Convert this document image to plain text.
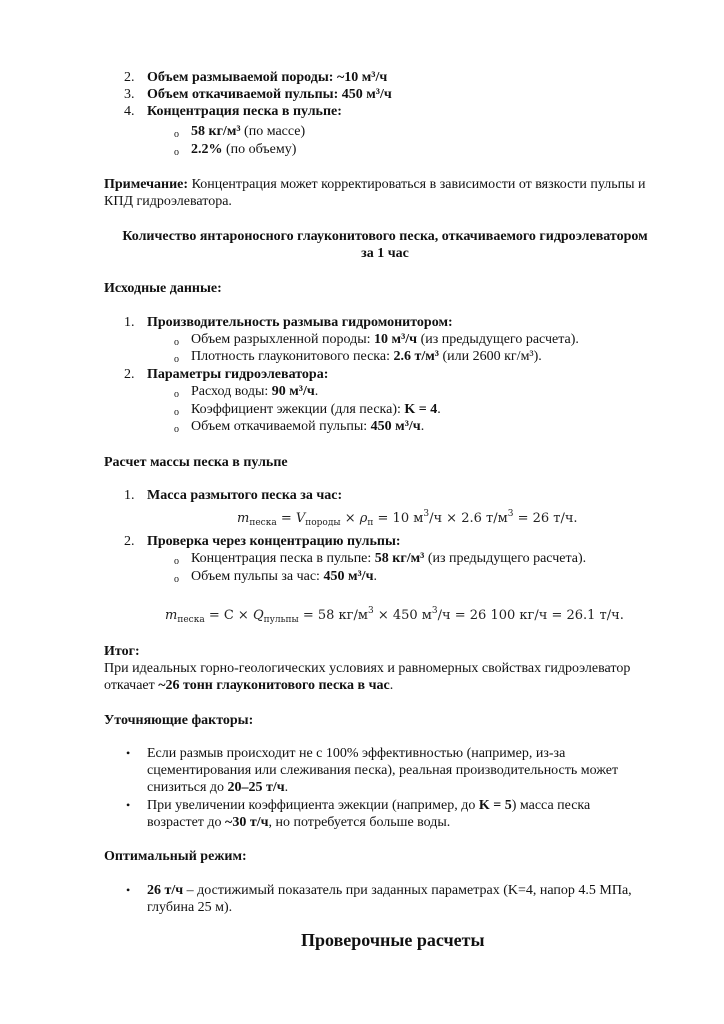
2. Объем размываемой породы: ~10 м³/ч
3. Объем откачиваемой пульпы: 450 м³/ч
4. Концентрация песка в пульпе:
o 58 кг/м³ (по массе)
o 2.2% (по объему)
Примечание: Концентрация может корректироваться в зависимости от вязкости пульпы и
КПД гидроэлеватора.
Количество янтароносного глауконитового песка, откачиваемого гидроэлеватором
за 1 час
Исходные данные:
1. Производительность размыва гидромонитором:
o Объем разрыхленной породы: 10 м³/ч (из предыдущего расчета).
o Плотность глауконитового песка: 2.6 т/м³ (или 2600 кг/м³).
2. Параметры гидроэлеватора:
o Расход воды: 90 м³/ч.
o Коэффициент эжекции (для песка): K = 4.
o Объем откачиваемой пульпы: 450 м³/ч.
Расчет массы песка в пульпе
1. Масса размытого песка за час:
$m_{песка} = V_{породы} \times \rho_п = 10$ $м^3/ч \times 2.6$ $т/м^3 = 26$ т/ч.
2. Проверка через концентрацию пульпы:
o Концентрация песка в пульпе: 58 кг/м³ (из предыдущего расчета).
o Объем пульпы за час: 450 м³/ч.
$m_{песка} = C \times Q_{пульпы} = 58$ $кг/м^3 \times 450$ $м^3/ч = 26$ 100 кг/ч = 26.1 т/ч.
Итог:
При идеальных горно-геологических условиях и равномерных свойствах гидроэлеватор
откачает ~26 тонн глауконитового песка в час.
Уточняющие факторы:
• Если размыв происходит не с 100% эффективностью (например, из-за
сцементирования или слеживания песка), реальная производительность может
снизиться до 20–25 т/ч.
• При увеличении коэффициента эжекции (например, до K = 5) масса песка
возрастет до ~30 т/ч, но потребуется больше воды.
Оптимальный режим:
• 26 т/ч – достижимый показатель при заданных параметрах (K=4, напор 4.5 МПа,
глубина 25 м).
Проверочные расчеты
